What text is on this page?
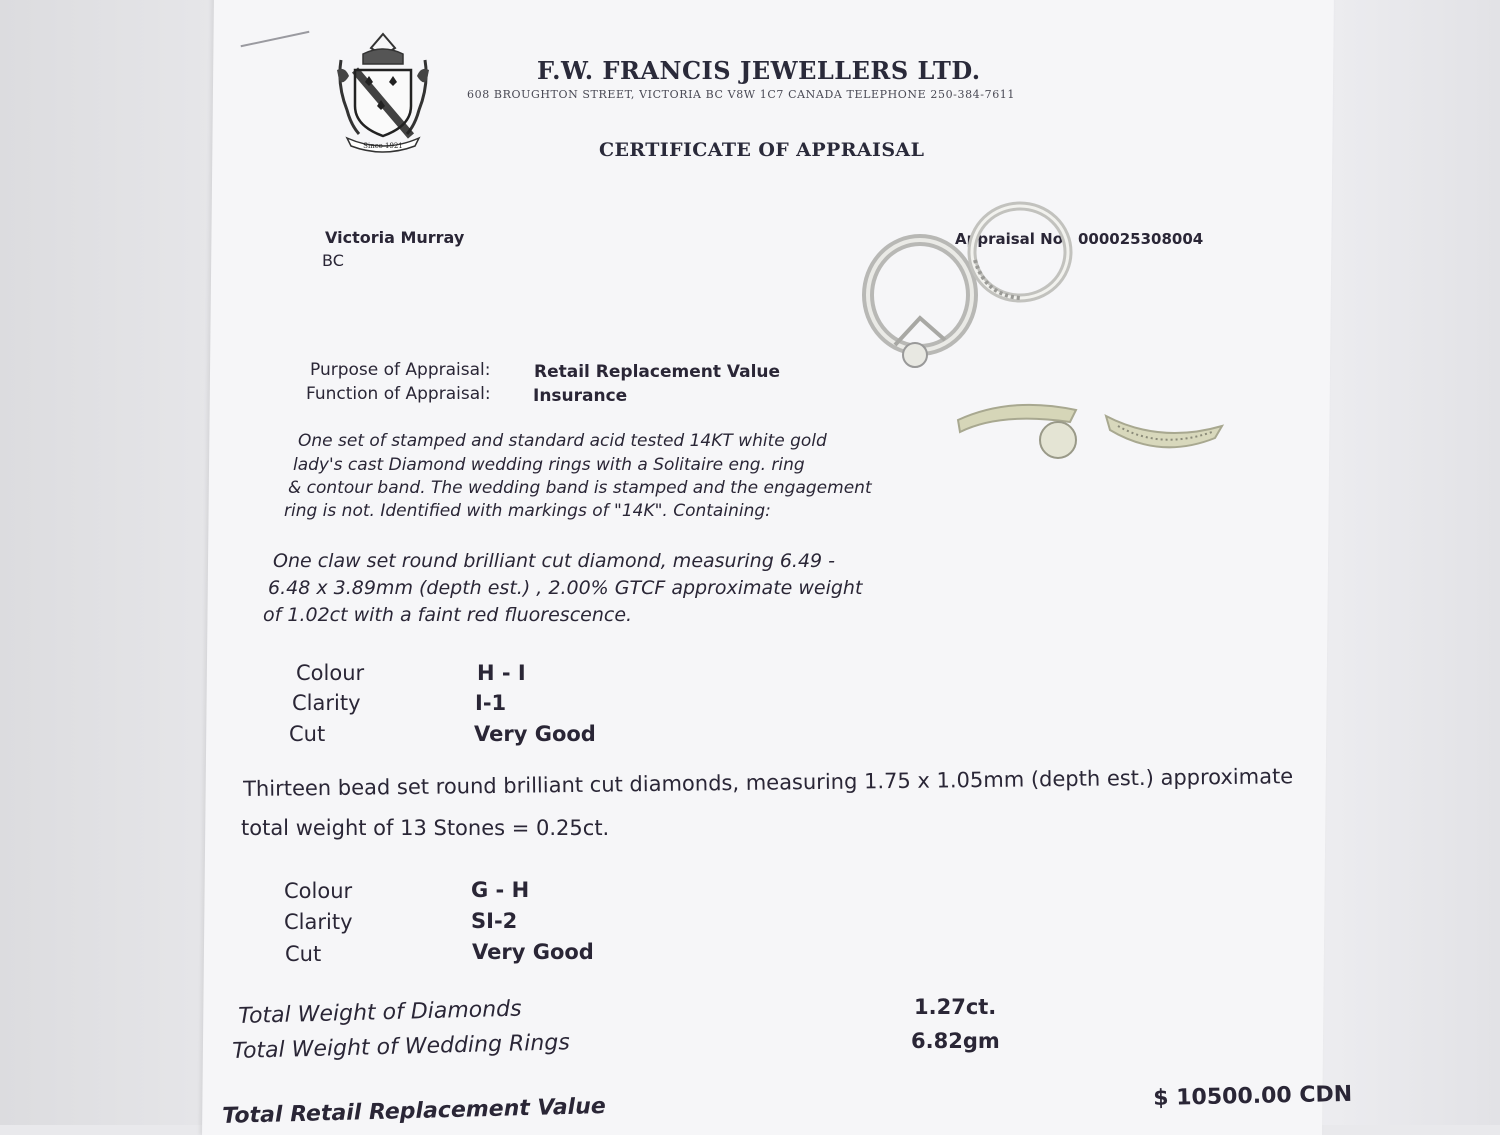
Since 1921
F.W. FRANCIS JEWELLERS LTD.
608 BROUGHTON STREET, VICTORIA BC V8W 1C7 CANADA TELEPHONE 250-384-7611
CERTIFICATE OF APPRAISAL
Victoria Murray
BC
Appraisal No: 000025308004
Purpose of Appraisal:	Retail Replacement Value
Function of Appraisal: Insurance
One set of stamped and standard acid tested 14KT white gold
lady's cast Diamond wedding rings with a Solitaire eng. ring
& contour band. The wedding band is stamped and the engagement
ring is not. Identified with markings of "14K". Containing:
One claw set round brilliant cut diamond, measuring 6.49 -
6.48 x 3.89mm (depth est.) , 2.00% GTCF approximate weight
of 1.02ct with a faint red fluorescence.
Colour	H - I
Clarity	I-1
Cut	Very Good
Thirteen bead set round brilliant cut diamonds, measuring 1.75 x 1.05mm (depth est.) approximate
total weight of 13 Stones = 0.25ct.
Colour	G - H
Clarity	SI-2
Cut	Very Good
Total Weight of Diamonds	1.27ct.
Total Weight of Wedding Rings	6.82gm
Total Retail Replacement Value	$ 10500.00 CDN
